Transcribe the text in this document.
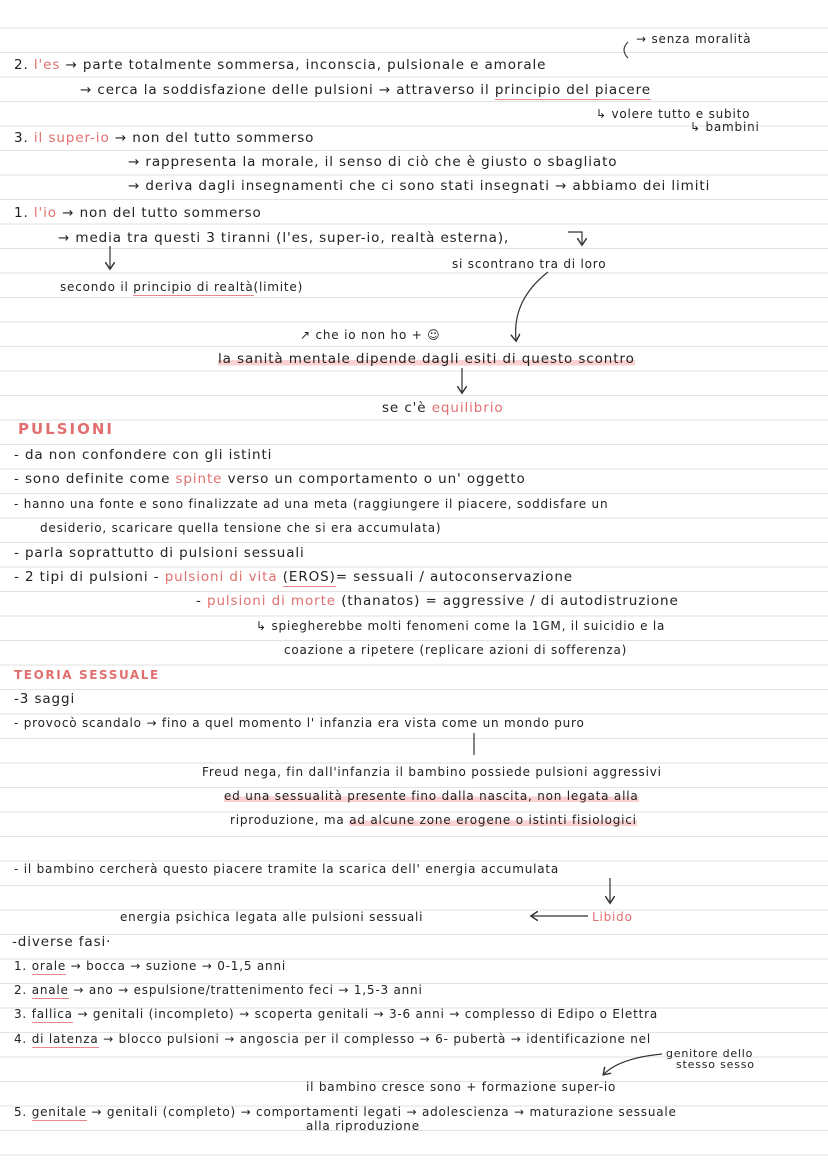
→ senza moralità
2. l'es → parte totalmente sommersa, inconscia, pulsionale e amorale
→ cerca la soddisfazione delle pulsioni → attraverso il principio del piacere
↳ volere tutto e subito
↳ bambini
3. il super-io → non del tutto sommerso
→ rappresenta la morale, il senso di ciò che è giusto o sbagliato
→ deriva dagli insegnamenti che ci sono stati insegnati → abbiamo dei limiti
1. l'io → non del tutto sommerso
→ media tra questi 3 tiranni (l'es, super-io, realtà esterna),
si scontrano tra di loro
secondo il principio di realtà(limite)
↗ che io non ho + ☺
la sanità mentale dipende dagli esiti di questo scontro
se c'è equilibrio
PULSIONI
- da non confondere con gli istinti
- sono definite come spinte verso un comportamento o un' oggetto
- hanno una fonte e sono finalizzate ad una meta (raggiungere il piacere, soddisfare un
desiderio, scaricare quella tensione che si era accumulata)
- parla soprattutto di pulsioni sessuali
- 2 tipi di pulsioni - pulsioni di vita (EROS)= sessuali / autoconservazione
- pulsioni di morte (thanatos) = aggressive / di autodistruzione
↳ spiegherebbe molti fenomeni come la 1GM, il suicidio e la
coazione a ripetere (replicare azioni di sofferenza)
TEORIA SESSUALE
-3 saggi
- provocò scandalo → fino a quel momento l' infanzia era vista come un mondo puro
Freud nega, fin dall'infanzia il bambino possiede pulsioni aggressivi
ed una sessualità presente fino dalla nascita, non legata alla
riproduzione, ma ad alcune zone erogene o istinti fisiologici
- il bambino cercherà questo piacere tramite la scarica dell' energia accumulata
energia psichica legata alle pulsioni sessuali	Libido
-diverse fasi·
1. orale → bocca → suzione → 0-1,5 anni
2. anale → ano → espulsione/trattenimento feci → 1,5-3 anni
3. fallica → genitali (incompleto) → scoperta genitali → 3-6 anni → complesso di Edipo o Elettra
4. di latenza → blocco pulsioni → angoscia per il complesso → 6- pubertà → identificazione nel
genitore dello
stesso sesso
il bambino cresce sono + formazione super-io
5. genitale → genitali (completo) → comportamenti legati → adolescienza → maturazione sessuale
alla riproduzione
